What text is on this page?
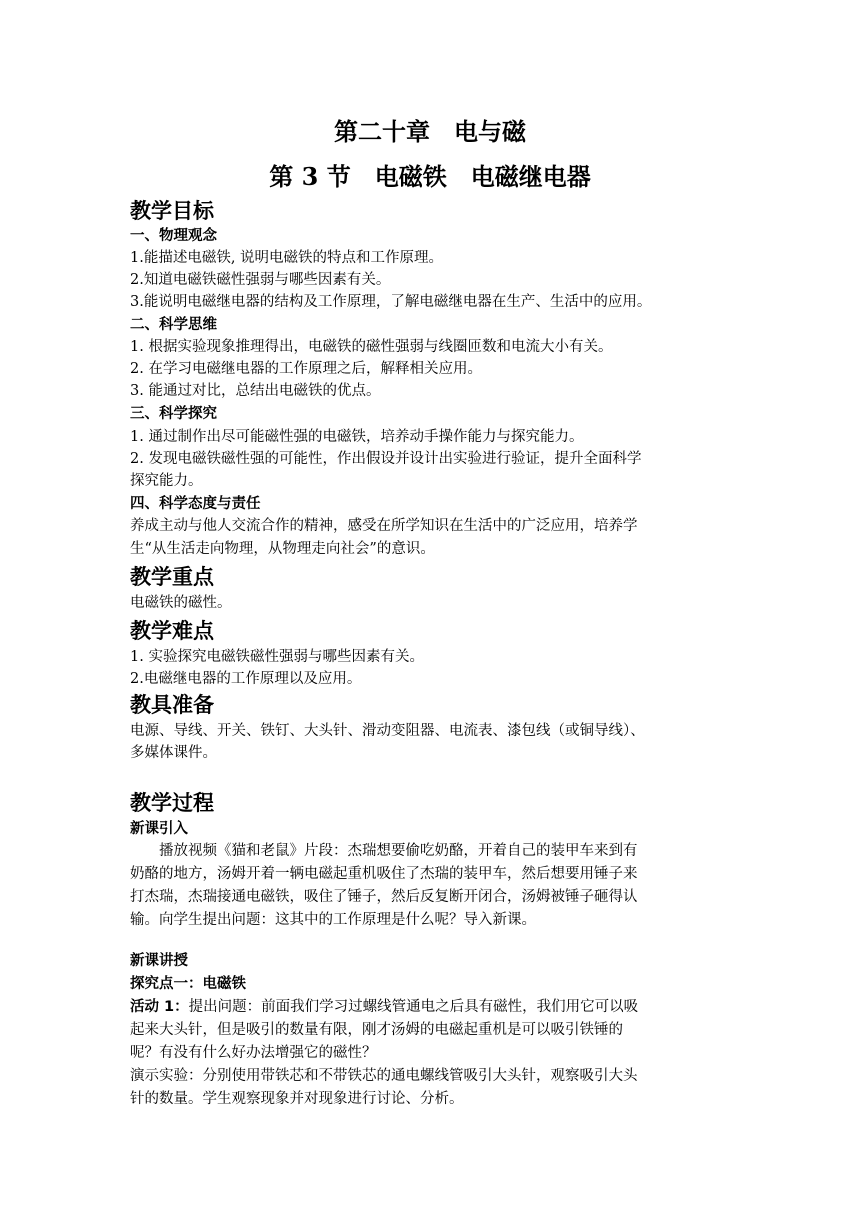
第二十章　电与磁
第 3 节　电磁铁　电磁继电器
教学目标
一、物理观念
1.能描述电磁铁, 说明电磁铁的特点和工作原理。
2.知道电磁铁磁性强弱与哪些因素有关。
3.能说明电磁继电器的结构及工作原理，了解电磁继电器在生产、生活中的应用。
二、科学思维
1. 根据实验现象推理得出，电磁铁的磁性强弱与线圈匝数和电流大小有关。
2. 在学习电磁继电器的工作原理之后，解释相关应用。
3. 能通过对比，总结出电磁铁的优点。
三、科学探究
1. 通过制作出尽可能磁性强的电磁铁，培养动手操作能力与探究能力。
2. 发现电磁铁磁性强的可能性，作出假设并设计出实验进行验证，提升全面科学
探究能力。
四、科学态度与责任
养成主动与他人交流合作的精神，感受在所学知识在生活中的广泛应用，培养学
生“从生活走向物理，从物理走向社会”的意识。
教学重点
电磁铁的磁性。
教学难点
1. 实验探究电磁铁磁性强弱与哪些因素有关。
2.电磁继电器的工作原理以及应用。
教具准备
电源、导线、开关、铁钉、大头针、滑动变阻器、电流表、漆包线（或铜导线）、
多媒体课件。
教学过程
新课引入
　　播放视频《猫和老鼠》片段：杰瑞想要偷吃奶酪，开着自己的装甲车来到有
奶酪的地方，汤姆开着一辆电磁起重机吸住了杰瑞的装甲车，然后想要用锤子来
打杰瑞，杰瑞接通电磁铁，吸住了锤子，然后反复断开闭合，汤姆被锤子砸得认
输。向学生提出问题：这其中的工作原理是什么呢？导入新课。
新课讲授
探究点一：电磁铁
活动 1：提出问题：前面我们学习过螺线管通电之后具有磁性，我们用它可以吸
起来大头针，但是吸引的数量有限，刚才汤姆的电磁起重机是可以吸引铁锤的
呢？有没有什么好办法增强它的磁性？
演示实验：分别使用带铁芯和不带铁芯的通电螺线管吸引大头针，观察吸引大头
针的数量。学生观察现象并对现象进行讨论、分析。
